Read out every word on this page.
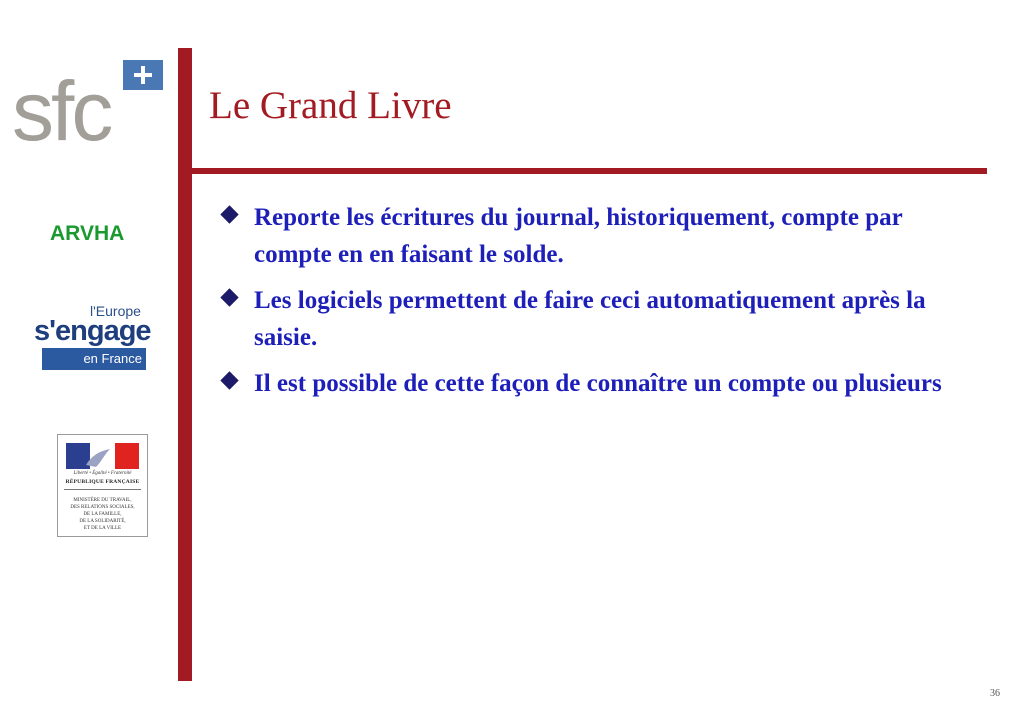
sfc
ARVHA
l'Europe
s'engage
en France
Liberté • Égalité • Fraternité
RÉPUBLIQUE FRANÇAISE
MINISTÈRE DU TRAVAIL,
DES RELATIONS SOCIALES,
DE LA FAMILLE,
DE LA SOLIDARITÉ,
ET DE LA VILLE
Le Grand Livre
Reporte les écritures du journal, historiquement, compte par compte en en faisant le solde.
Les logiciels permettent de faire ceci automatiquement après la saisie.
Il est possible de cette façon de connaître un compte ou plusieurs
36
